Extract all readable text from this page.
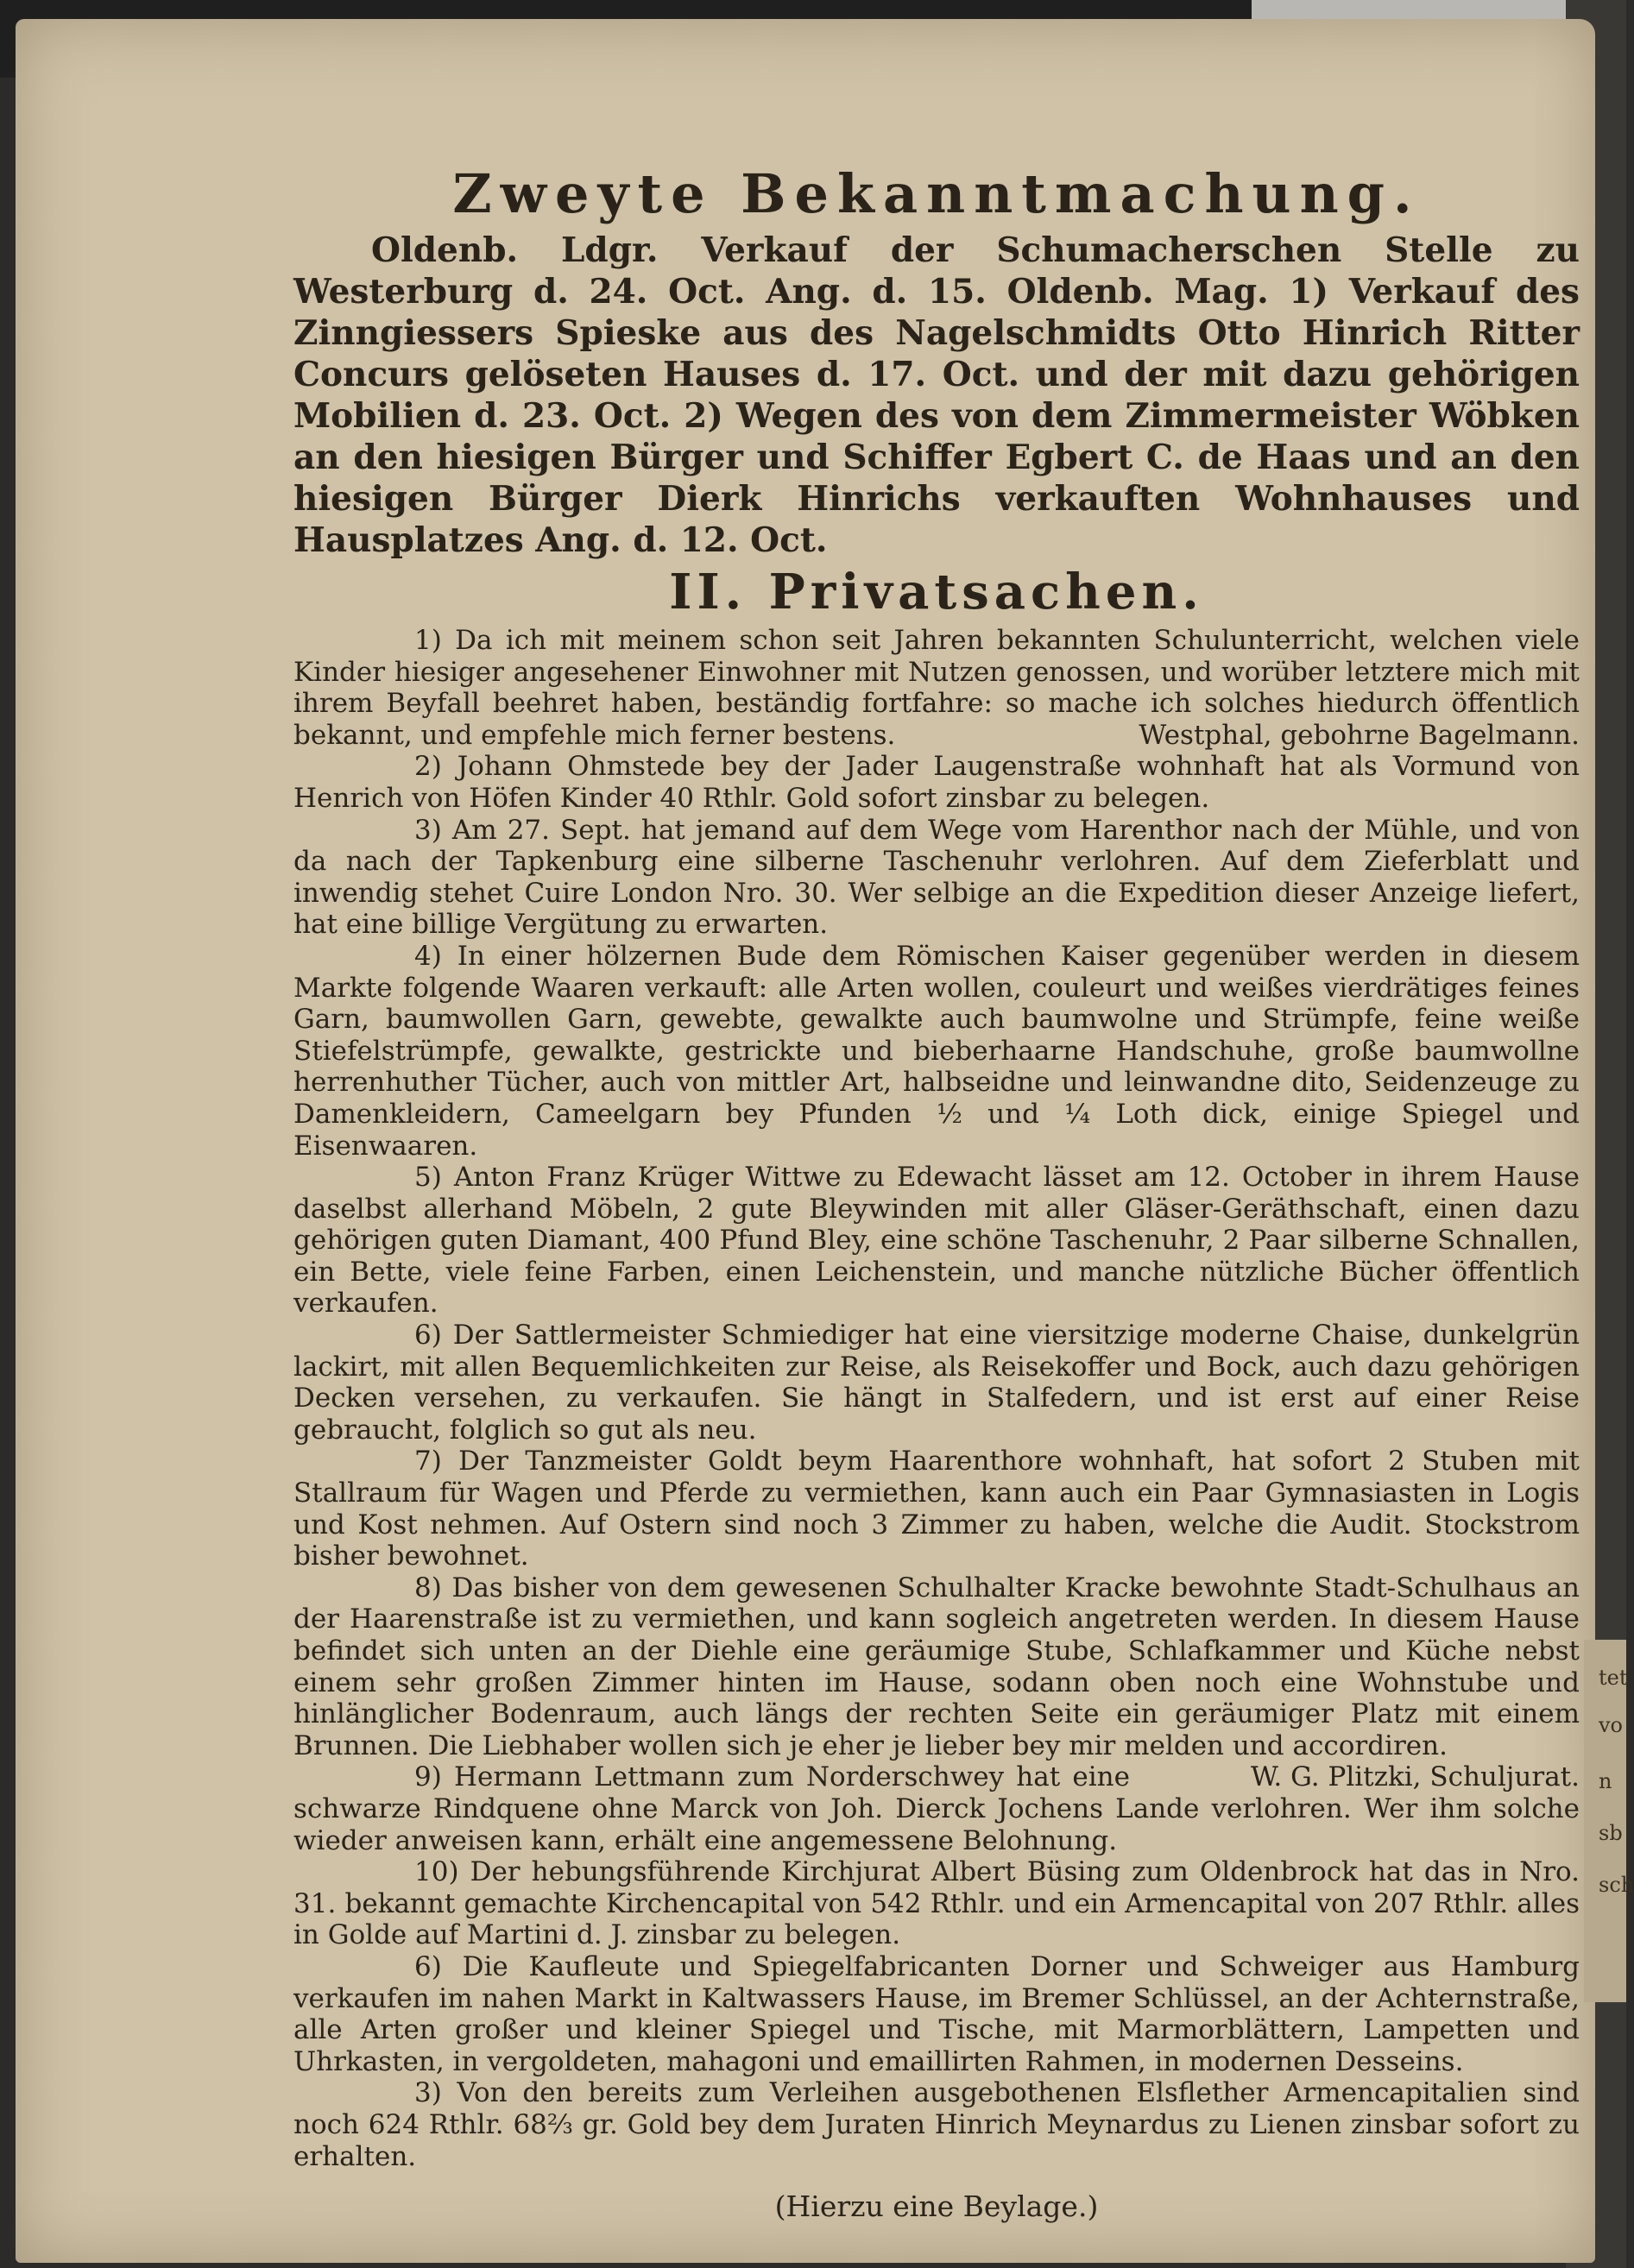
tet
vo
n
sb
sch
Zweyte Bekanntmachung.

Oldenb. Ldgr. Verkauf der Schumacherschen Stelle zu Westerburg d. 24. Oct. Ang. d. 15. Oldenb. Mag. 1) Verkauf des Zinngiessers Spieske aus des Nagelschmidts Otto Hinrich Ritter Concurs gelöseten Hauses d. 17. Oct. und der mit dazu gehörigen Mobilien d. 23. Oct. 2) Wegen des von dem Zimmermeister Wöbken an den hiesigen Bürger und Schiffer Egbert C. de Haas und an den hiesigen Bürger Dierk Hinrichs verkauften Wohnhauses und Hausplatzes Ang. d. 12. Oct.

II. Privatsachen.

1) Da ich mit meinem schon seit Jahren bekannten Schulunterricht, welchen viele Kinder hiesiger angesehener Einwohner mit Nutzen genossen, und worüber letztere mich mit ihrem Beyfall beehret haben, beständig fortfahre: so mache ich solches hiedurch öffentlich bekannt, und empfehle mich ferner bestens.	Westphal, gebohrne Bagelmann.

2) Johann Ohmstede bey der Jader Laugenstraße wohnhaft hat als Vormund von Henrich von Höfen Kinder 40 Rthlr. Gold sofort zinsbar zu belegen.

3) Am 27. Sept. hat jemand auf dem Wege vom Harenthor nach der Mühle, und von da nach der Tapkenburg eine silberne Taschenuhr verlohren. Auf dem Zieferblatt und inwendig stehet Cuire London Nro. 30. Wer selbige an die Expedition dieser Anzeige liefert, hat eine billige Vergütung zu erwarten.

4) In einer hölzernen Bude dem Römischen Kaiser gegenüber werden in diesem Markte folgende Waaren verkauft: alle Arten wollen, couleurt und weißes vierdrätiges feines Garn, baumwollen Garn, gewebte, gewalkte auch baumwolne und Strümpfe, feine weiße Stiefelstrümpfe, gewalkte, gestrickte und bieberhaarne Handschuhe, große baumwollne herrenhuther Tücher, auch von mittler Art, halbseidne und leinwandne dito, Seidenzeuge zu Damenkleidern, Cameelgarn bey Pfunden ½ und ¼ Loth dick, einige Spiegel und Eisenwaaren.

5) Anton Franz Krüger Wittwe zu Edewacht lässet am 12. October in ihrem Hause daselbst allerhand Möbeln, 2 gute Bleywinden mit aller Gläser-Geräthschaft, einen dazu gehörigen guten Diamant, 400 Pfund Bley, eine schöne Taschenuhr, 2 Paar silberne Schnallen, ein Bette, viele feine Farben, einen Leichenstein, und manche nützliche Bücher öffentlich verkaufen.

6) Der Sattlermeister Schmiediger hat eine viersitzige moderne Chaise, dunkelgrün lackirt, mit allen Bequemlichkeiten zur Reise, als Reisekoffer und Bock, auch dazu gehörigen Decken versehen, zu verkaufen. Sie hängt in Stalfedern, und ist erst auf einer Reise gebraucht, folglich so gut als neu.

7) Der Tanzmeister Goldt beym Haarenthore wohnhaft, hat sofort 2 Stuben mit Stallraum für Wagen und Pferde zu vermiethen, kann auch ein Paar Gymnasiasten in Logis und Kost nehmen. Auf Ostern sind noch 3 Zimmer zu haben, welche die Audit. Stockstrom bisher bewohnet.

8) Das bisher von dem gewesenen Schulhalter Kracke bewohnte Stadt-Schulhaus an der Haarenstraße ist zu vermiethen, und kann sogleich angetreten werden. In diesem Hause befindet sich unten an der Diehle eine geräumige Stube, Schlafkammer und Küche nebst einem sehr großen Zimmer hinten im Hause, sodann oben noch eine Wohnstube und hinlänglicher Bodenraum, auch längs der rechten Seite ein geräumiger Platz mit einem Brunnen. Die Liebhaber wollen sich je eher je lieber bey mir melden und accordiren.
W. G. Plitzki, Schuljurat.

9) Hermann Lettmann zum Norderschwey hat eine schwarze Rindquene ohne Marck von Joh. Dierck Jochens Lande verlohren. Wer ihm solche wieder anweisen kann, erhält eine angemessene Belohnung.

10) Der hebungsführende Kirchjurat Albert Büsing zum Oldenbrock hat das in Nro. 31. bekannt gemachte Kirchencapital von 542 Rthlr. und ein Armencapital von 207 Rthlr. alles in Golde auf Martini d. J. zinsbar zu belegen.

6) Die Kaufleute und Spiegelfabricanten Dorner und Schweiger aus Hamburg verkaufen im nahen Markt in Kaltwassers Hause, im Bremer Schlüssel, an der Achternstraße, alle Arten großer und kleiner Spiegel und Tische, mit Marmorblättern, Lampetten und Uhrkasten, in vergoldeten, mahagoni und emaillirten Rahmen, in modernen Desseins.

3) Von den bereits zum Verleihen ausgebothenen Elsflether Armencapitalien sind noch 624 Rthlr. 68⅔ gr. Gold bey dem Juraten Hinrich Meynardus zu Lienen zinsbar sofort zu erhalten.

(Hierzu eine Beylage.)
